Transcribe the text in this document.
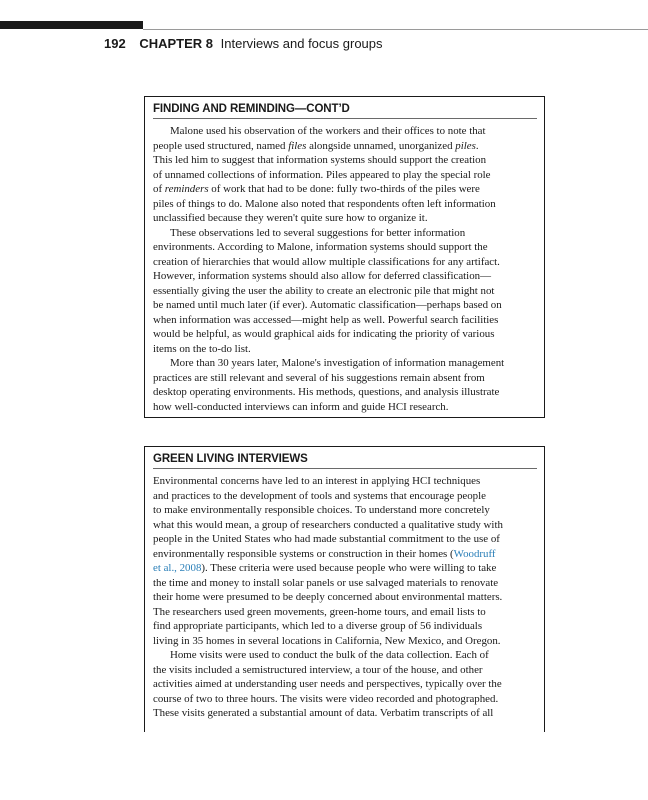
192 CHAPTER 8 Interviews and focus groups
FINDING AND REMINDING—CONT’D

Malone used his observation of the workers and their offices to note that
people used structured, named files alongside unnamed, unorganized piles.
This led him to suggest that information systems should support the creation
of unnamed collections of information. Piles appeared to play the special role
of reminders of work that had to be done: fully two-thirds of the piles were
piles of things to do. Malone also noted that respondents often left information
unclassified because they weren't quite sure how to organize it.

These observations led to several suggestions for better information
environments. According to Malone, information systems should support the
creation of hierarchies that would allow multiple classifications for any artifact.
However, information systems should also allow for deferred classification—
essentially giving the user the ability to create an electronic pile that might not
be named until much later (if ever). Automatic classification—perhaps based on
when information was accessed—might help as well. Powerful search facilities
would be helpful, as would graphical aids for indicating the priority of various
items on the to-do list.

More than 30 years later, Malone's investigation of information management
practices are still relevant and several of his suggestions remain absent from
desktop operating environments. His methods, questions, and analysis illustrate
how well-conducted interviews can inform and guide HCI research.

GREEN LIVING INTERVIEWS

Environmental concerns have led to an interest in applying HCI techniques
and practices to the development of tools and systems that encourage people
to make environmentally responsible choices. To understand more concretely
what this would mean, a group of researchers conducted a qualitative study with
people in the United States who had made substantial commitment to the use of
environmentally responsible systems or construction in their homes (Woodruff
et al., 2008). These criteria were used because people who were willing to take
the time and money to install solar panels or use salvaged materials to renovate
their home were presumed to be deeply concerned about environmental matters.
The researchers used green movements, green-home tours, and email lists to
find appropriate participants, which led to a diverse group of 56 individuals
living in 35 homes in several locations in California, New Mexico, and Oregon.

Home visits were used to conduct the bulk of the data collection. Each of
the visits included a semistructured interview, a tour of the house, and other
activities aimed at understanding user needs and perspectives, typically over the
course of two to three hours. The visits were video recorded and photographed.
These visits generated a substantial amount of data. Verbatim transcripts of all
